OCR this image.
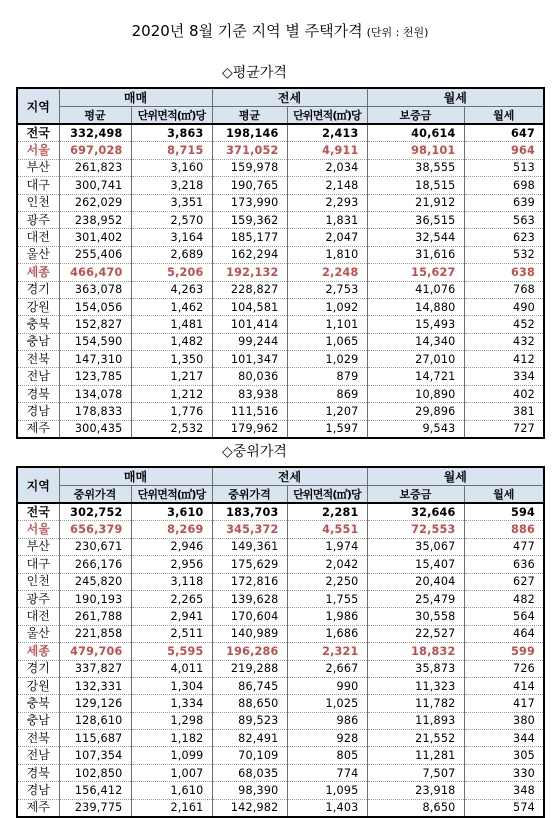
2020년 8월 기준 지역 별 주택가격 (단위 : 천원)
◇평균가격
지역	매매		전세		월세	
	평균	단위면적(㎡)당	평균	단위면적(㎡)당	보증금	월세
전국	332,498	3,863	198,146	2,413	40,614	647
서울	697,028	8,715	371,052	4,911	98,101	964
부산	261,823	3,160	159,978	2,034	38,555	513
대구	300,741	3,218	190,765	2,148	18,515	698
인천	262,029	3,351	173,990	2,293	21,912	639
광주	238,952	2,570	159,362	1,831	36,515	563
대전	301,402	3,164	185,177	2,047	32,544	623
울산	255,406	2,689	162,294	1,810	31,616	532
세종	466,470	5,206	192,132	2,248	15,627	638
경기	363,078	4,263	228,827	2,753	41,076	768
강원	154,056	1,462	104,581	1,092	14,880	490
충북	152,827	1,481	101,414	1,101	15,493	452
충남	154,590	1,482	99,244	1,065	14,340	432
전북	147,310	1,350	101,347	1,029	27,010	412
전남	123,785	1,217	80,036	879	14,721	334
경북	134,078	1,212	83,938	869	10,890	402
경남	178,833	1,776	111,516	1,207	29,896	381
제주	300,435	2,532	179,962	1,597	9,543	727
◇중위가격
지역	매매		전세		월세	
	중위가격	단위면적(㎡)당	중위가격	단위면적(㎡)당	보증금	월세
전국	302,752	3,610	183,703	2,281	32,646	594
서울	656,379	8,269	345,372	4,551	72,553	886
부산	230,671	2,946	149,361	1,974	35,067	477
대구	266,176	2,956	175,629	2,042	15,407	636
인천	245,820	3,118	172,816	2,250	20,404	627
광주	190,193	2,265	139,628	1,755	25,479	482
대전	261,788	2,941	170,604	1,986	30,558	564
울산	221,858	2,511	140,989	1,686	22,527	464
세종	479,706	5,595	196,286	2,321	18,832	599
경기	337,827	4,011	219,288	2,667	35,873	726
강원	132,331	1,304	86,745	990	11,323	414
충북	129,126	1,334	88,650	1,025	11,782	417
충남	128,610	1,298	89,523	986	11,893	380
전북	115,687	1,182	82,491	928	21,552	344
전남	107,354	1,099	70,109	805	11,281	305
경북	102,850	1,007	68,035	774	7,507	330
경남	156,412	1,610	98,390	1,095	23,918	348
제주	239,775	2,161	142,982	1,403	8,650	574
